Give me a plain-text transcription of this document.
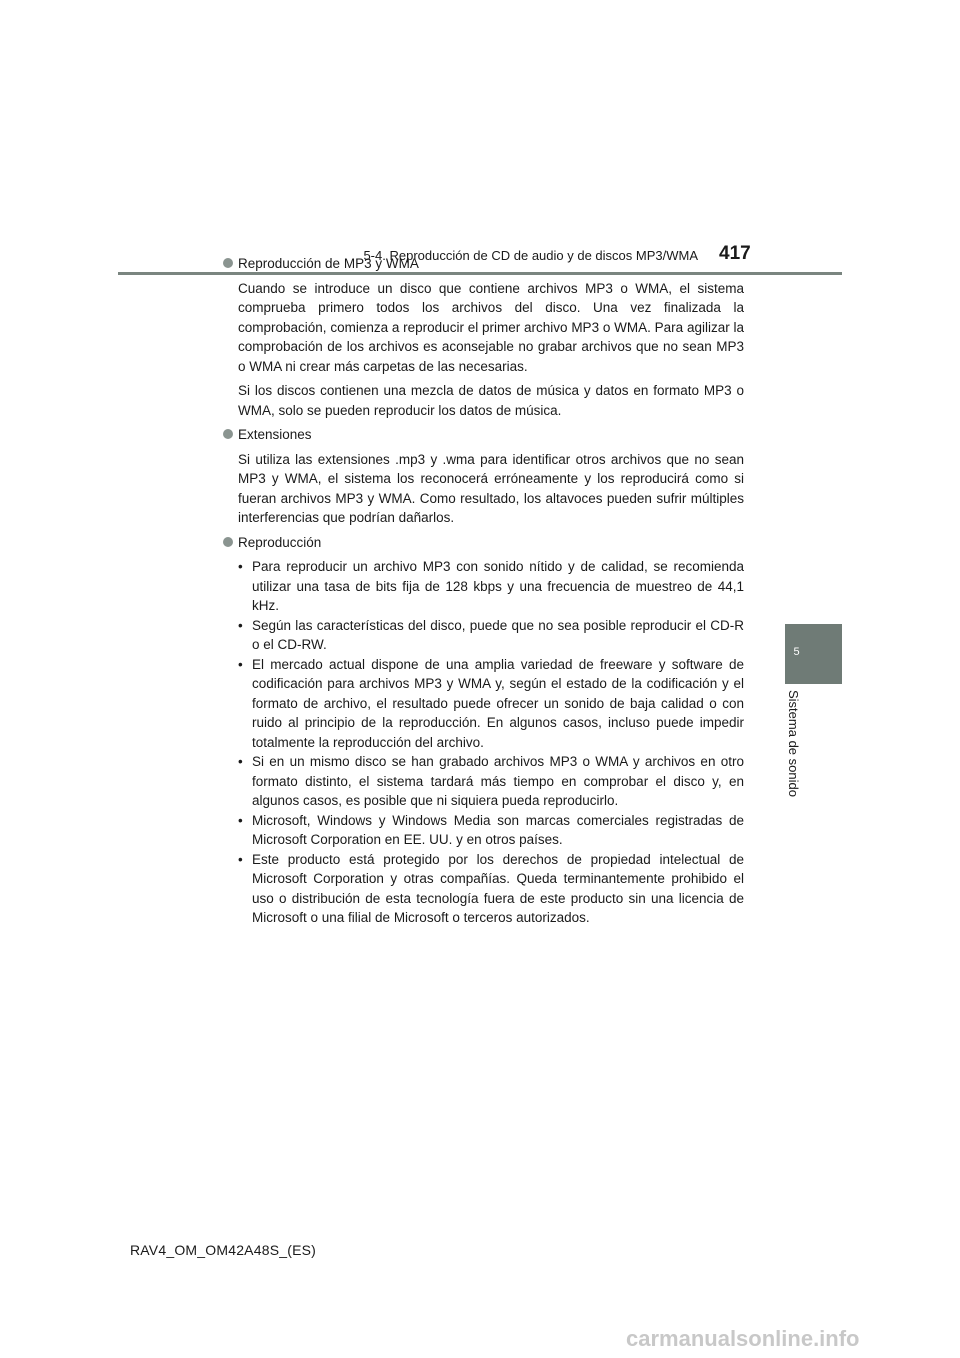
5-4. Reproducción de CD de audio y de discos MP3/WMA 417
5
Sistema de sonido
Reproducción de MP3 y WMA

Cuando se introduce un disco que contiene archivos MP3 o WMA, el sistema comprueba primero todos los archivos del disco. Una vez finalizada la comprobación, comienza a reproducir el primer archivo MP3 o WMA. Para agilizar la comprobación de los archivos es aconsejable no grabar archivos que no sean MP3 o WMA ni crear más carpetas de las necesarias.

Si los discos contienen una mezcla de datos de música y datos en formato MP3 o WMA, solo se pueden reproducir los datos de música.

Extensiones

Si utiliza las extensiones .mp3 y .wma para identificar otros archivos que no sean MP3 y WMA, el sistema los reconocerá erróneamente y los reproducirá como si fueran archivos MP3 y WMA. Como resultado, los altavoces pueden sufrir múltiples interferencias que podrían dañarlos.

Reproducción
• Para reproducir un archivo MP3 con sonido nítido y de calidad, se recomienda utilizar una tasa de bits fija de 128 kbps y una frecuencia de muestreo de 44,1 kHz.
• Según las características del disco, puede que no sea posible reproducir el CD-R o el CD-RW.
• El mercado actual dispone de una amplia variedad de freeware y software de codificación para archivos MP3 y WMA y, según el estado de la codificación y el formato de archivo, el resultado puede ofrecer un sonido de baja calidad o con ruido al principio de la reproducción. En algunos casos, incluso puede impedir totalmente la reproducción del archivo.
• Si en un mismo disco se han grabado archivos MP3 o WMA y archivos en otro formato distinto, el sistema tardará más tiempo en comprobar el disco y, en algunos casos, es posible que ni siquiera pueda reproducirlo.
• Microsoft, Windows y Windows Media son marcas comerciales registradas de Microsoft Corporation en EE. UU. y en otros países.
• Este producto está protegido por los derechos de propiedad intelectual de Microsoft Corporation y otras compañías. Queda terminantemente prohibido el uso o distribución de esta tecnología fuera de este producto sin una licencia de Microsoft o una filial de Microsoft o terceros autorizados.
RAV4_OM_OM42A48S_(ES)
carmanualsonline.info
